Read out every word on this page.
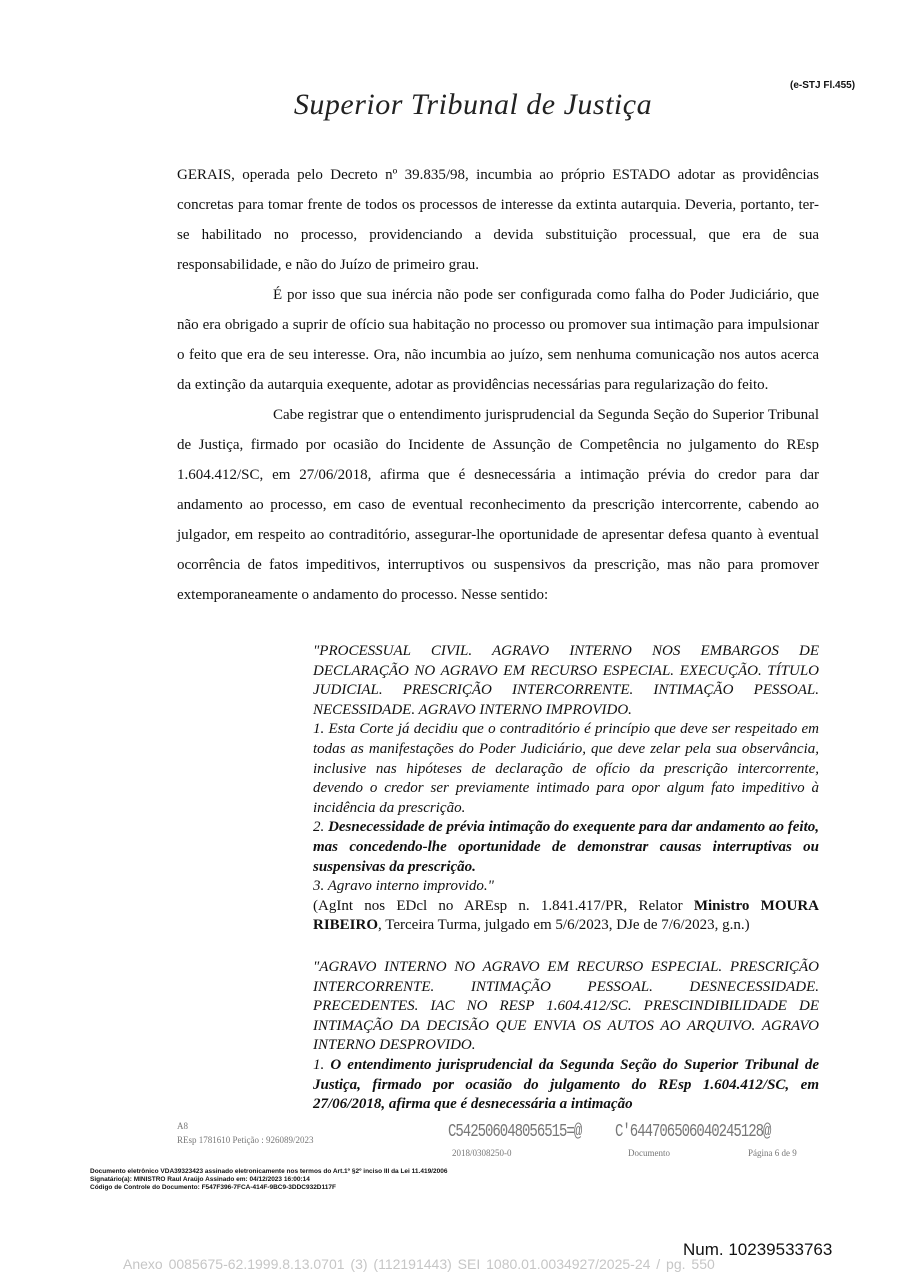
(e-STJ Fl.455)
Superior Tribunal de Justiça

GERAIS, operada pelo Decreto nº 39.835/98, incumbia ao próprio ESTADO adotar as providências concretas para tomar frente de todos os processos de interesse da extinta autarquia. Deveria, portanto, ter-se habilitado no processo, providenciando a devida substituição processual, que era de sua responsabilidade, e não do Juízo de primeiro grau.

É por isso que sua inércia não pode ser configurada como falha do Poder Judiciário, que não era obrigado a suprir de ofício sua habitação no processo ou promover sua intimação para impulsionar o feito que era de seu interesse. Ora, não incumbia ao juízo, sem nenhuma comunicação nos autos acerca da extinção da autarquia exequente, adotar as providências necessárias para regularização do feito.

Cabe registrar que o entendimento jurisprudencial da Segunda Seção do Superior Tribunal de Justiça, firmado por ocasião do Incidente de Assunção de Competência no julgamento do REsp 1.604.412/SC, em 27/06/2018, afirma que é desnecessária a intimação prévia do credor para dar andamento ao processo, em caso de eventual reconhecimento da prescrição intercorrente, cabendo ao julgador, em respeito ao contraditório, assegurar-lhe oportunidade de apresentar defesa quanto à eventual ocorrência de fatos impeditivos, interruptivos ou suspensivos da prescrição, mas não para promover extemporaneamente o andamento do processo. Nesse sentido:

"PROCESSUAL CIVIL. AGRAVO INTERNO NOS EMBARGOS DE DECLARAÇÃO NO AGRAVO EM RECURSO ESPECIAL. EXECUÇÃO. TÍTULO JUDICIAL. PRESCRIÇÃO INTERCORRENTE. INTIMAÇÃO PESSOAL. NECESSIDADE. AGRAVO INTERNO IMPROVIDO.

1. Esta Corte já decidiu que o contraditório é princípio que deve ser respeitado em todas as manifestações do Poder Judiciário, que deve zelar pela sua observância, inclusive nas hipóteses de declaração de ofício da prescrição intercorrente, devendo o credor ser previamente intimado para opor algum fato impeditivo à incidência da prescrição.

2. Desnecessidade de prévia intimação do exequente para dar andamento ao feito, mas concedendo-lhe oportunidade de demonstrar causas interruptivas ou suspensivas da prescrição.

3. Agravo interno improvido."

(AgInt nos EDcl no AREsp n. 1.841.417/PR, Relator Ministro MOURA RIBEIRO, Terceira Turma, julgado em 5/6/2023, DJe de 7/6/2023, g.n.)

"AGRAVO INTERNO NO AGRAVO EM RECURSO ESPECIAL. PRESCRIÇÃO INTERCORRENTE. INTIMAÇÃO PESSOAL. DESNECESSIDADE. PRECEDENTES. IAC NO RESP 1.604.412/SC. PRESCINDIBILIDADE DE INTIMAÇÃO DA DECISÃO QUE ENVIA OS AUTOS AO ARQUIVO. AGRAVO INTERNO DESPROVIDO.

1. O entendimento jurisprudencial da Segunda Seção do Superior Tribunal de Justiça, firmado por ocasião do julgamento do REsp 1.604.412/SC, em 27/06/2018, afirma que é desnecessária a intimação

A8
REsp 1781610 Petição : 926089/2023	C542506048056515=@
2018/0308250-0
C'644706506040245128@
Documento	Página 6 de 9
Documento eletrônico VDA39323423 assinado eletronicamente nos termos do Art.1º §2º inciso III da Lei 11.419/2006
Signatário(a): MINISTRO Raul Araújo Assinado em: 04/12/2023 16:00:14
Código de Controle do Documento: F547F396-7FCA-414F-9BC9-3DDC932D117F
Num. 10239533763
Anexo 0085675-62.1999.8.13.0701 (3) (112191443) SEI 1080.01.0034927/2025-24 / pg. 550
